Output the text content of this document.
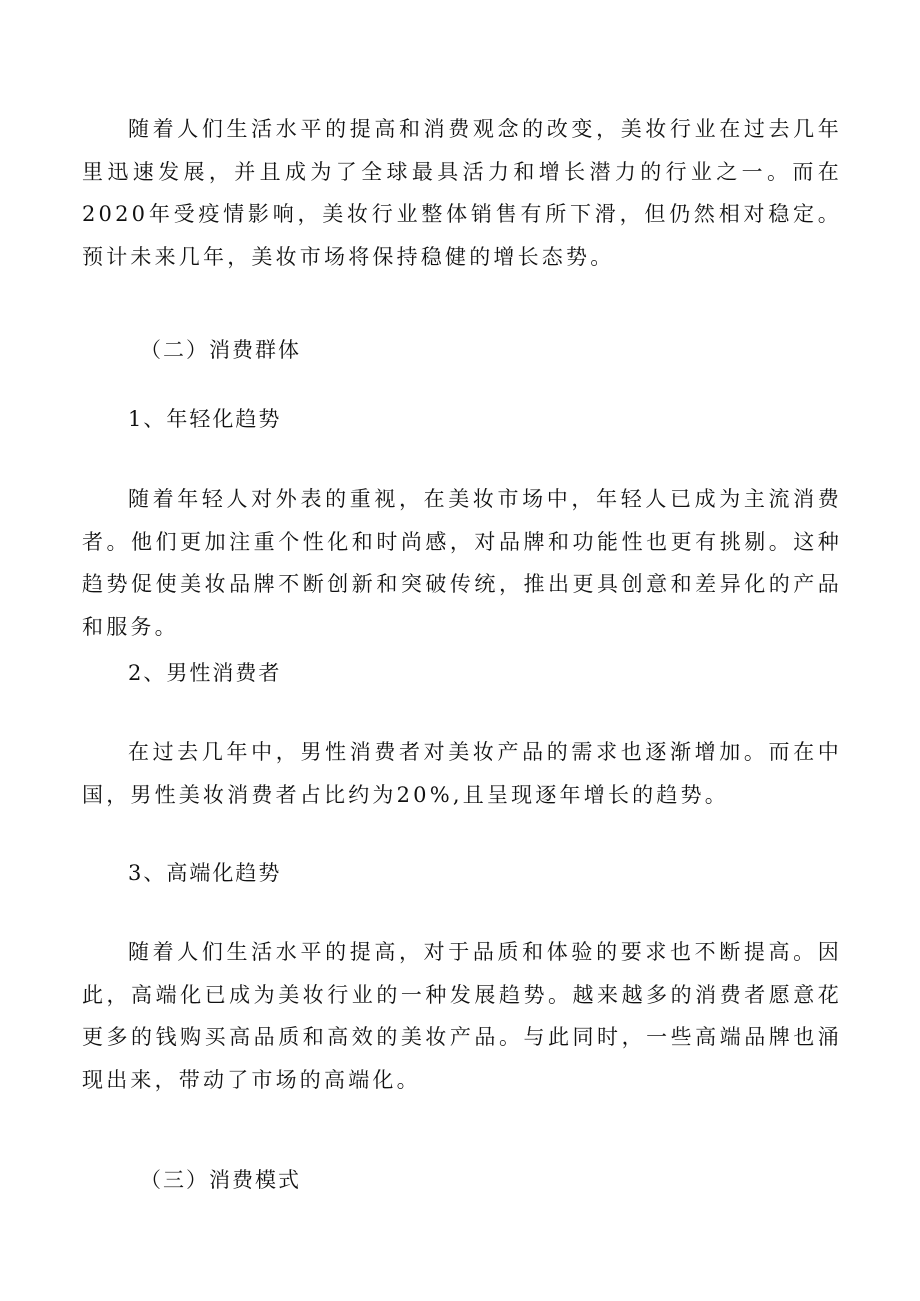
随着人们生活水平的提高和消费观念的改变，美妆行业在过去几年里迅速发展，并且成为了全球最具活力和增长潜力的行业之一。而在2020年受疫情影响，美妆行业整体销售有所下滑，但仍然相对稳定。预计未来几年，美妆市场将保持稳健的增长态势。

（二）消费群体
1、年轻化趋势

随着年轻人对外表的重视，在美妆市场中，年轻人已成为主流消费者。他们更加注重个性化和时尚感，对品牌和功能性也更有挑剔。这种趋势促使美妆品牌不断创新和突破传统，推出更具创意和差异化的产品和服务。

2、男性消费者

在过去几年中，男性消费者对美妆产品的需求也逐渐增加。而在中国，男性美妆消费者占比约为20%,且呈现逐年增长的趋势。

3、高端化趋势

随着人们生活水平的提高，对于品质和体验的要求也不断提高。因此，高端化已成为美妆行业的一种发展趋势。越来越多的消费者愿意花更多的钱购买高品质和高效的美妆产品。与此同时，一些高端品牌也涌现出来，带动了市场的高端化。

（三）消费模式
